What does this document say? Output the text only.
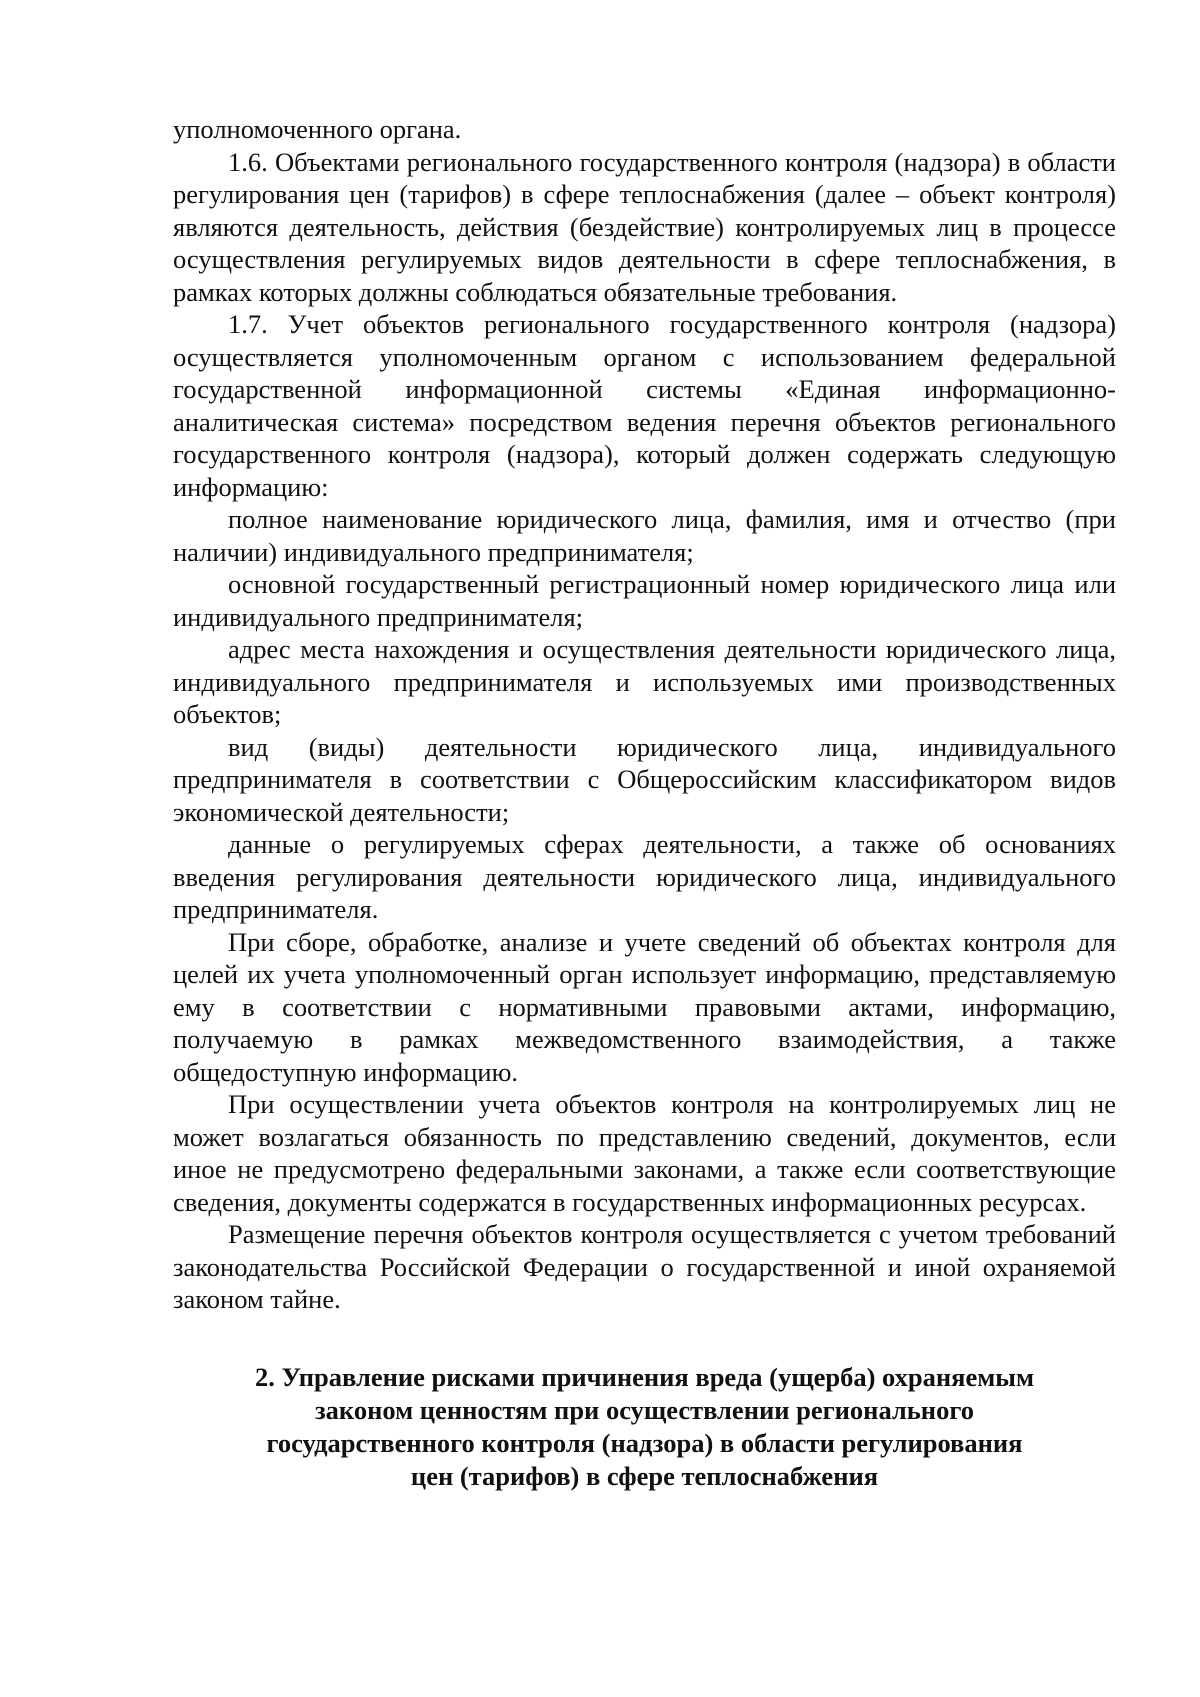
уполномоченного органа.

1.6. Объектами регионального государственного контроля (надзора) в области регулирования цен (тарифов) в сфере теплоснабжения (далее – объект контроля) являются деятельность, действия (бездействие) контролируемых лиц в процессе осуществления регулируемых видов деятельности в сфере теплоснабжения, в рамках которых должны соблюдаться обязательные требования.

1.7. Учет объектов регионального государственного контроля (надзора) осуществляется уполномоченным органом с использованием федеральной государственной информационной системы «Единая информационно-аналитическая система» посредством ведения перечня объектов регионального государственного контроля (надзора), который должен содержать следующую информацию:

полное наименование юридического лица, фамилия, имя и отчество (при наличии) индивидуального предпринимателя;

основной государственный регистрационный номер юридического лица или индивидуального предпринимателя;

адрес места нахождения и осуществления деятельности юридического лица, индивидуального предпринимателя и используемых ими производственных объектов;

вид (виды) деятельности юридического лица, индивидуального предпринимателя в соответствии с Общероссийским классификатором видов экономической деятельности;

данные о регулируемых сферах деятельности, а также об основаниях введения регулирования деятельности юридического лица, индивидуального предпринимателя.

При сборе, обработке, анализе и учете сведений об объектах контроля для целей их учета уполномоченный орган использует информацию, представляемую ему в соответствии с нормативными правовыми актами, информацию, получаемую в рамках межведомственного взаимодействия, а также общедоступную информацию.

При осуществлении учета объектов контроля на контролируемых лиц не может возлагаться обязанность по представлению сведений, документов, если иное не предусмотрено федеральными законами, а также если соответствующие сведения, документы содержатся в государственных информационных ресурсах.

Размещение перечня объектов контроля осуществляется с учетом требований законодательства Российской Федерации о государственной и иной охраняемой законом тайне.

2. Управление рисками причинения вреда (ущерба) охраняемым
законом ценностям при осуществлении регионального
государственного контроля (надзора) в области регулирования
цен (тарифов) в сфере теплоснабжения
